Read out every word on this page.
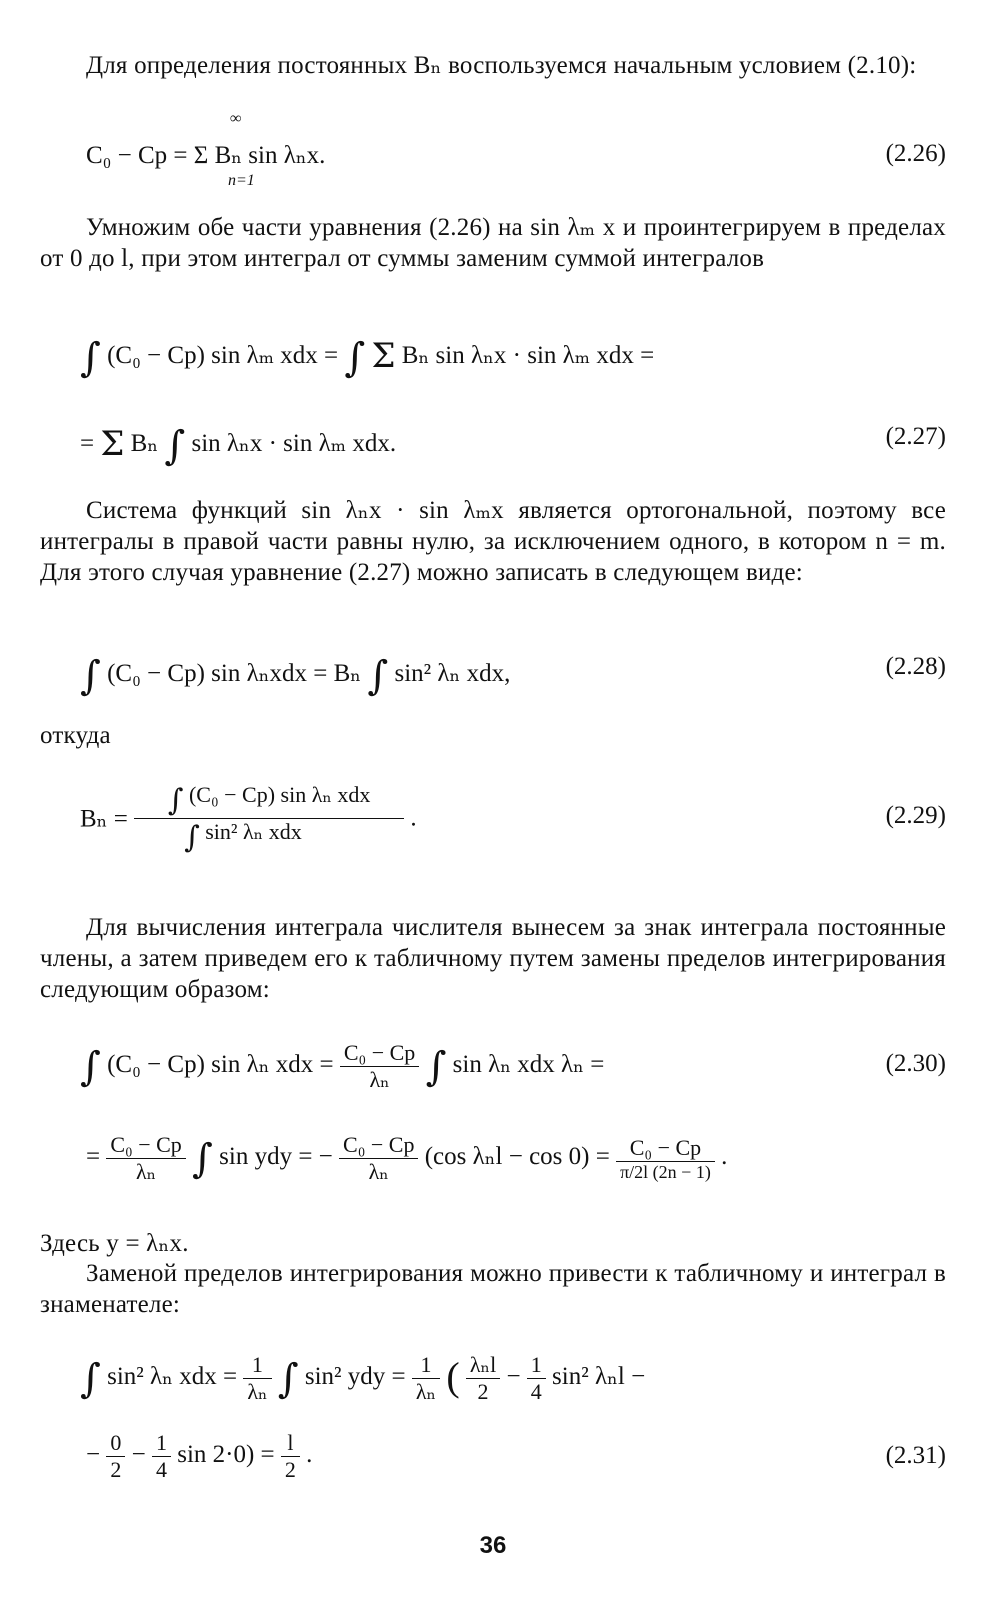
Для определения постоянных Bₙ воспользуемся начальным условием (2.10):
∞
C₀ − Cр = Σ Bₙ sin λₙx.
n=1
(2.26)
Умножим обе части уравнения (2.26) на sin λₘ x и проинтегрируем в пределах от 0 до l, при этом интеграл от суммы заменим суммой интегралов
∫ (C₀ − Cр) sin λₘ xdx = ∫ Σ Bₙ sin λₙx · sin λₘ xdx =
= Σ Bₙ ∫ sin λₙx · sin λₘ xdx.	(2.27)
Система функций sin λₙx · sin λₘx является ортогональной, поэтому все интегралы в правой части равны нулю, за исключением одного, в котором n = m. Для этого случая уравнение (2.27) можно записать в следующем виде:
∫ (C₀ − Cр) sin λₙxdx = Bₙ ∫ sin² λₙ xdx,	(2.28)
откуда
$B_n = \frac{\text{∫ (C₀ − Cр) sin λₙ xdx}}{\text{∫ sin² λₙ xdx}}$ .	(2.29)
Для вычисления интеграла числителя вынесем за знак интеграла постоянные члены, а затем приведем его к табличному путем замены пределов интегрирования следующим образом:
∫ (C₀ − Cр) sin λₙ xdx = $\frac{\text{C₀ − Cр}}{\text{λₙ}}$ ∫ sin λₙ xdx λₙ =	(2.30)
= $\frac{\text{C₀ − Cр}}{\text{λₙ}}$ ∫ sin ydy = − $\frac{\text{C₀ − Cр}}{\text{λₙ}} (\cos$ $\lambda_nl - \cos 0) = \frac{\text{C₀ − Cр}}{\pi/2l (2n - 1)}$ .
Здесь y = λₙx.
Заменой пределов интегрирования можно привести к табличному и интеграл в знаменателе:
∫ sin² λₙ xdx = $\frac{1}{\text{λₙ}}$ ∫ sin² ydy = $\frac{1}{\text{λₙ}}$ ( $\frac{\text{λₙl}}{2} - \frac{1}{4} \sin^2$ λₙl −
− $\frac{0}{2} - \frac{1}{4}$ $\sin 2\cdot 0) = \frac{l}{2}$ .	(2.31)
36
